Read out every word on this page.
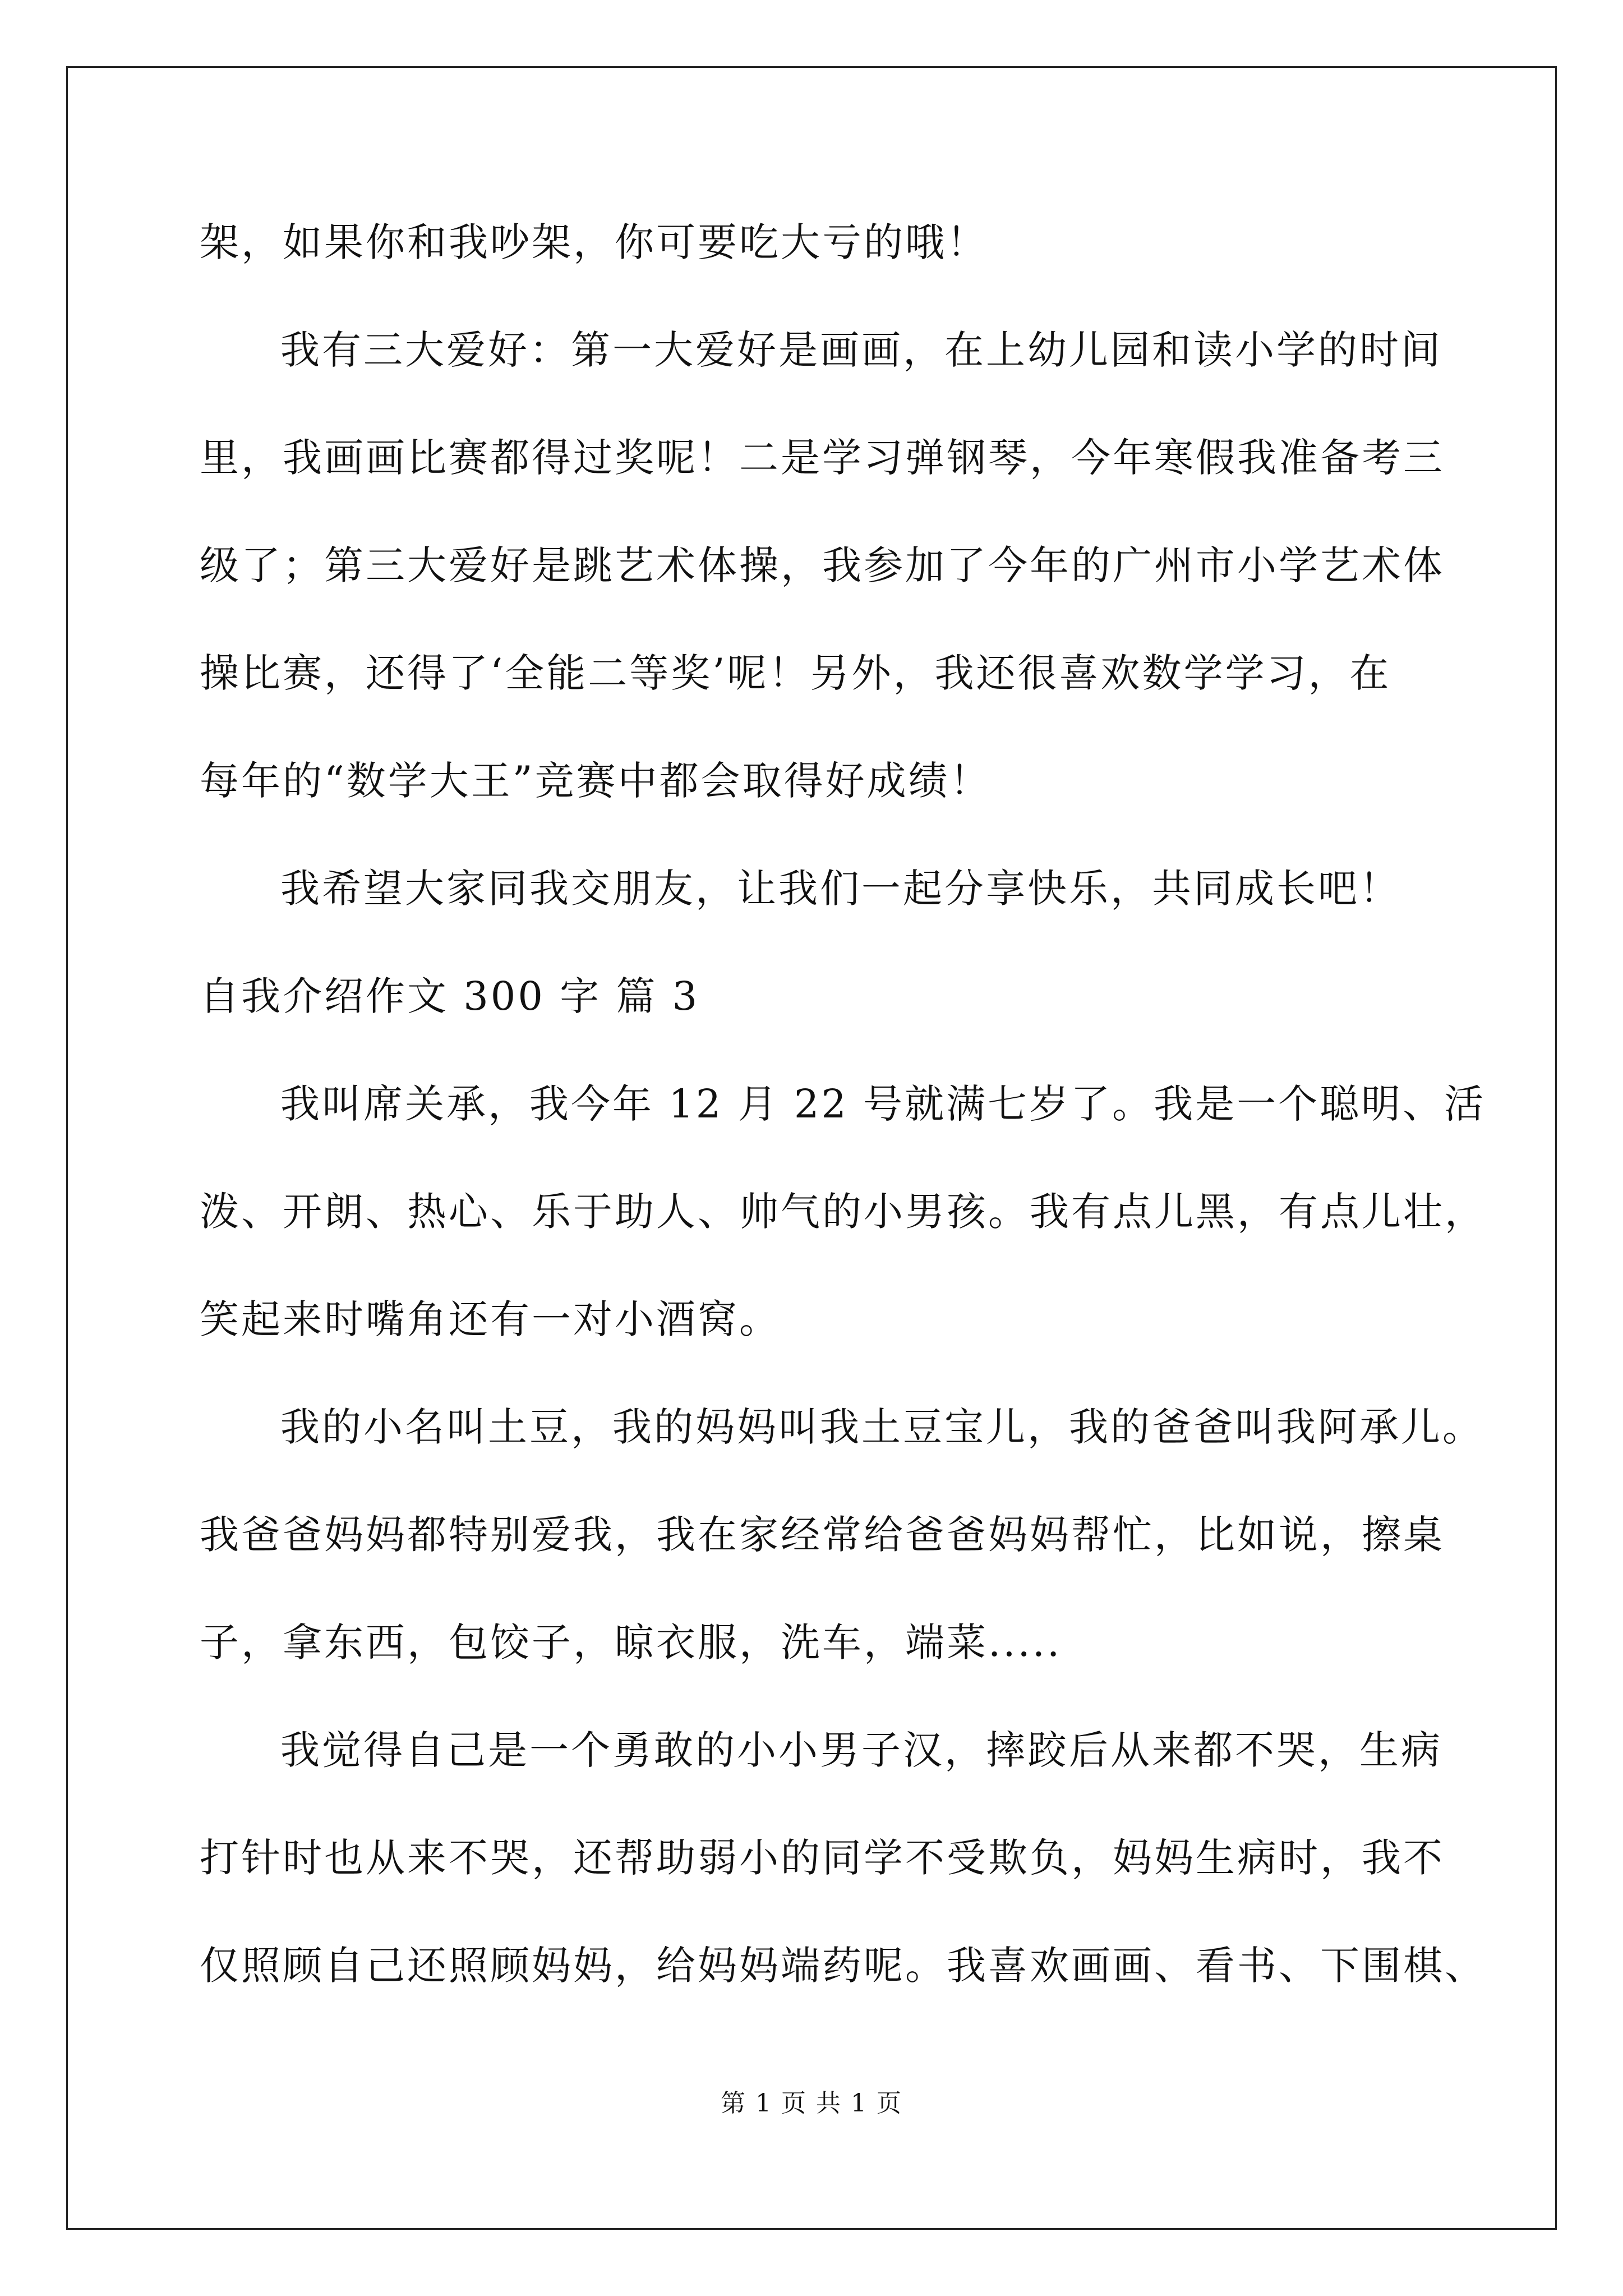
架，如果你和我吵架，你可要吃大亏的哦！
我有三大爱好：第一大爱好是画画，在上幼儿园和读小学的时间
里，我画画比赛都得过奖呢！二是学习弹钢琴，今年寒假我准备考三
级了；第三大爱好是跳艺术体操，我参加了今年的广州市小学艺术体
操比赛，还得了‘全能二等奖’呢！另外，我还很喜欢数学学习，在
每年的“数学大王”竞赛中都会取得好成绩！
我希望大家同我交朋友，让我们一起分享快乐，共同成长吧！
自我介绍作文 300 字 篇 3
我叫席关承，我今年 12 月 22 号就满七岁了。我是一个聪明、活
泼、开朗、热心、乐于助人、帅气的小男孩。我有点儿黑，有点儿壮，
笑起来时嘴角还有一对小酒窝。
我的小名叫土豆，我的妈妈叫我土豆宝儿，我的爸爸叫我阿承儿。
我爸爸妈妈都特别爱我，我在家经常给爸爸妈妈帮忙，比如说，擦桌
子，拿东西，包饺子，晾衣服，洗车，端菜.....
我觉得自己是一个勇敢的小小男子汉，摔跤后从来都不哭，生病
打针时也从来不哭，还帮助弱小的同学不受欺负，妈妈生病时，我不
仅照顾自己还照顾妈妈，给妈妈端药呢。我喜欢画画、看书、下围棋、
第 1 页 共 1 页
